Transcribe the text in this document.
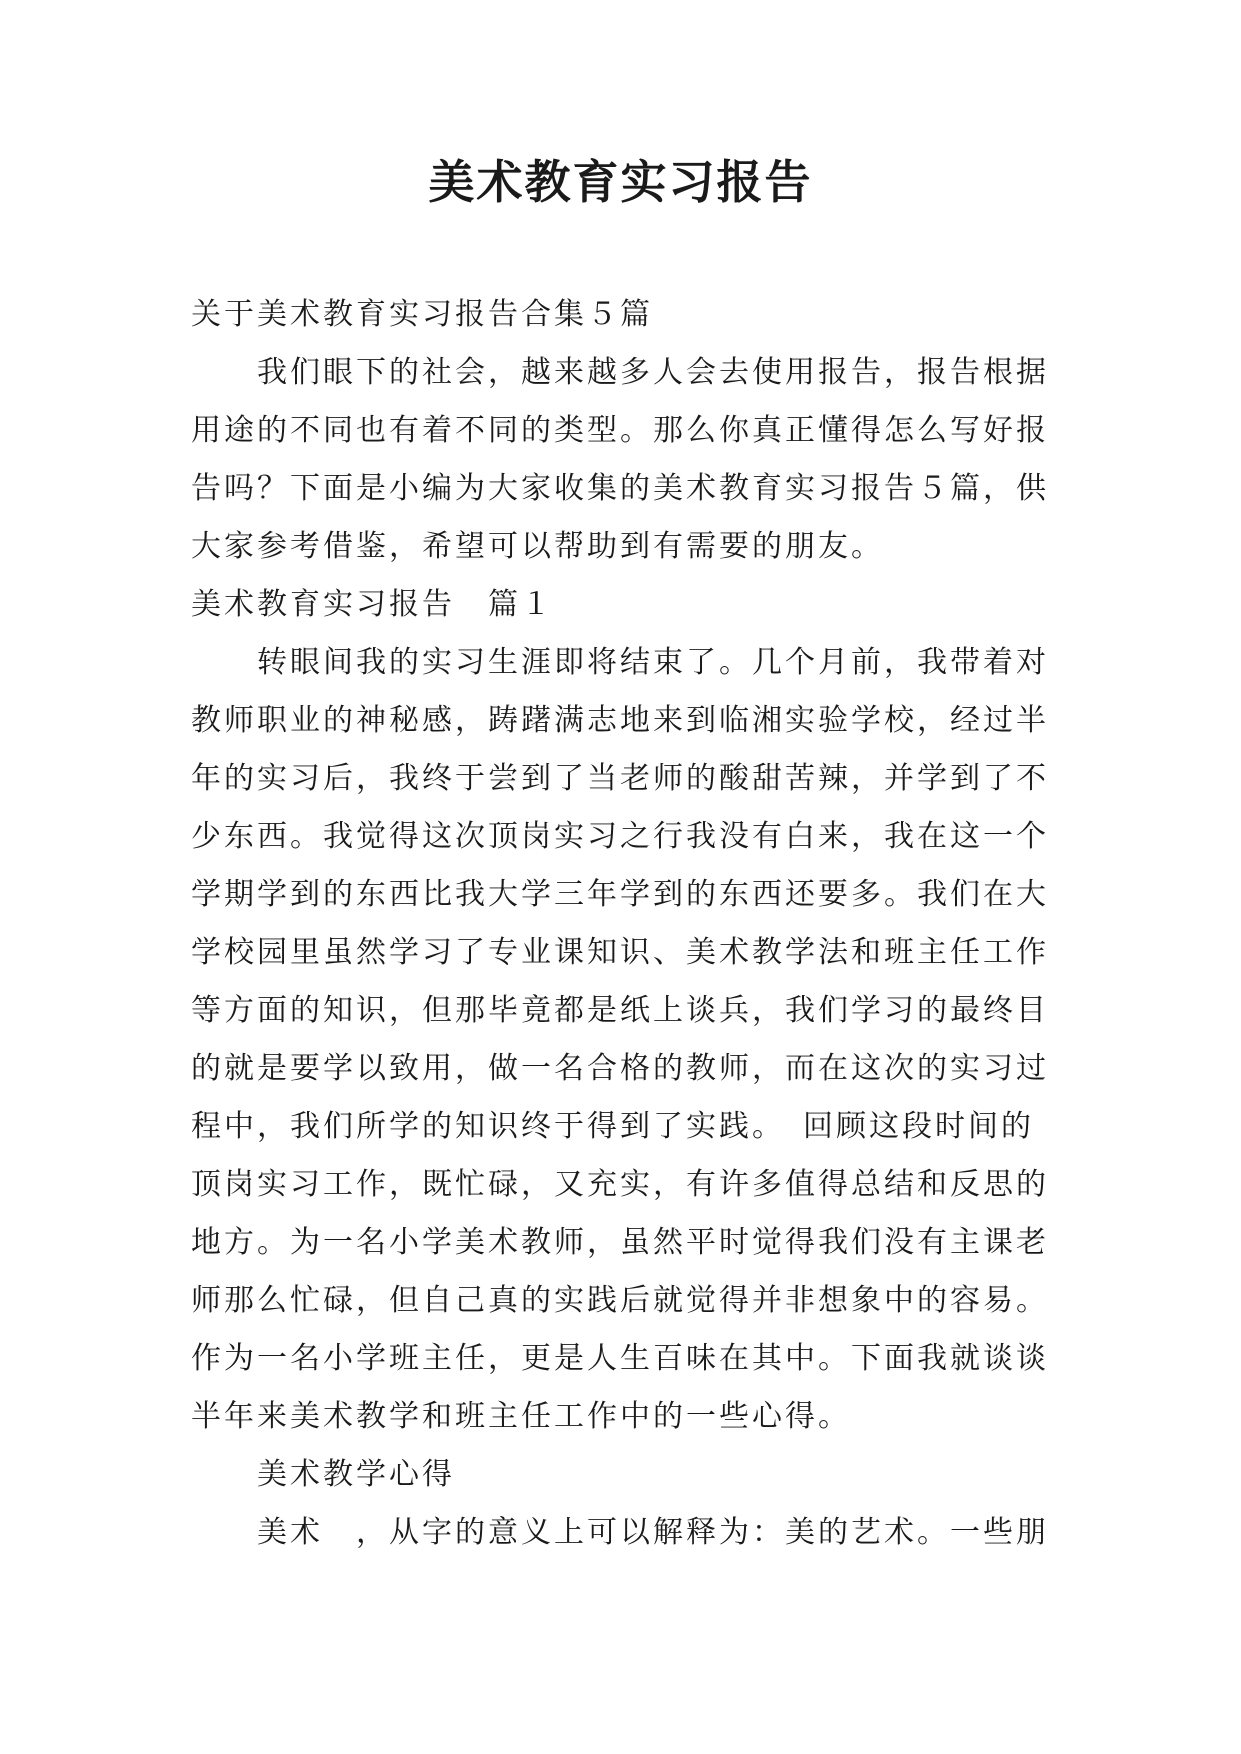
美术教育实习报告
关于美术教育实习报告合集５篇
我们眼下的社会，越来越多人会去使用报告，报告根据
用途的不同也有着不同的类型。那么你真正懂得怎么写好报
告吗？下面是小编为大家收集的美术教育实习报告５篇，供
大家参考借鉴，希望可以帮助到有需要的朋友。
美术教育实习报告　篇１
转眼间我的实习生涯即将结束了。几个月前，我带着对
教师职业的神秘感，踌躇满志地来到临湘实验学校，经过半
年的实习后，我终于尝到了当老师的酸甜苦辣，并学到了不
少东西。我觉得这次顶岗实习之行我没有白来，我在这一个
学期学到的东西比我大学三年学到的东西还要多。我们在大
学校园里虽然学习了专业课知识、美术教学法和班主任工作
等方面的知识，但那毕竟都是纸上谈兵，我们学习的最终目
的就是要学以致用，做一名合格的教师，而在这次的实习过
程中，我们所学的知识终于得到了实践。　回顾这段时间的
顶岗实习工作，既忙碌，又充实，有许多值得总结和反思的
地方。为一名小学美术教师，虽然平时觉得我们没有主课老
师那么忙碌，但自己真的实践后就觉得并非想象中的容易。
作为一名小学班主任，更是人生百味在其中。下面我就谈谈
半年来美术教学和班主任工作中的一些心得。
美术教学心得
美术　，从字的意义上可以解释为：美的艺术。一些朋
